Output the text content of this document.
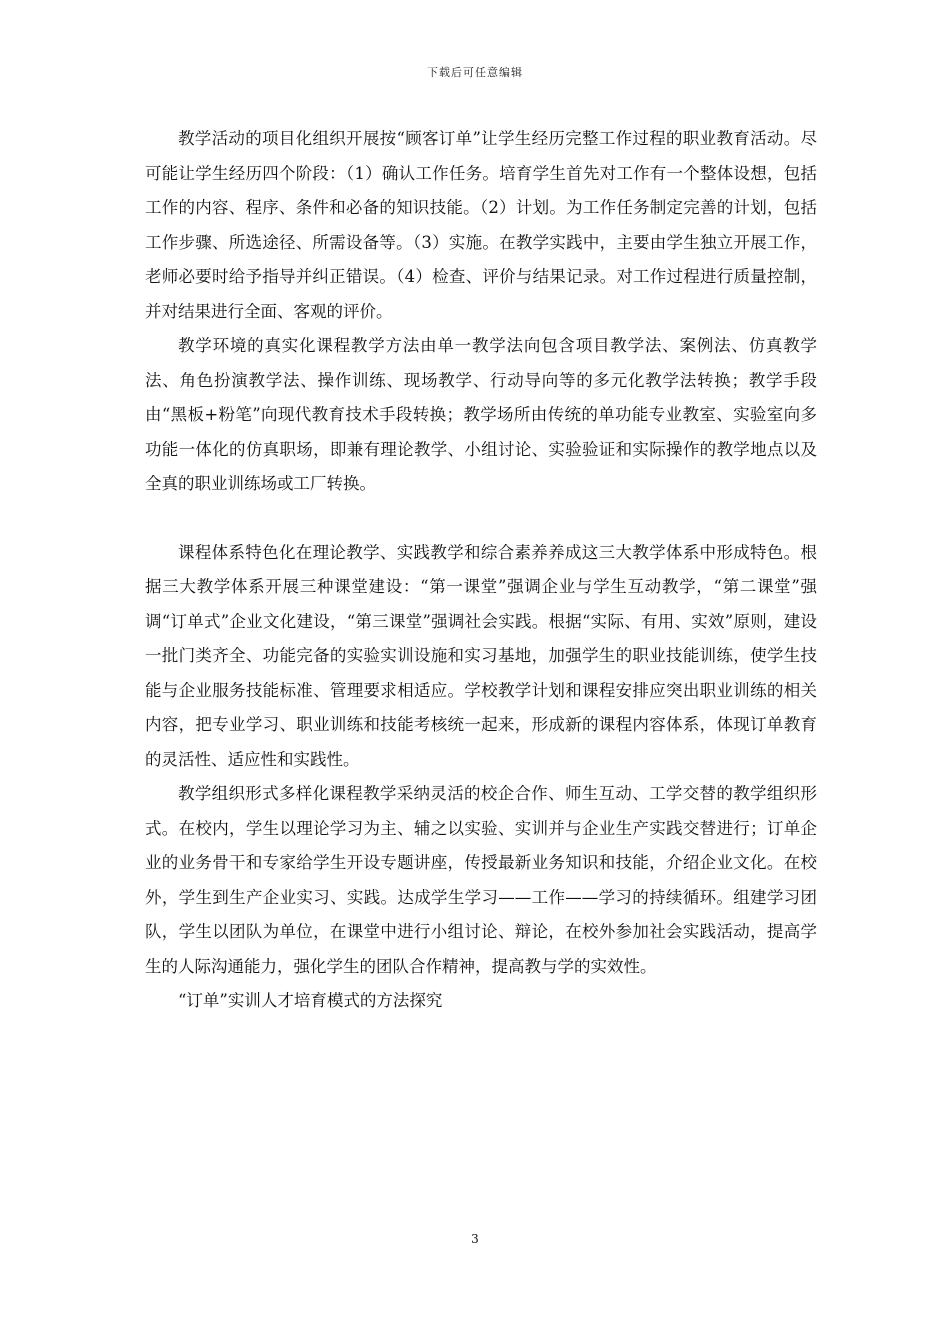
下载后可任意编辑

教学活动的项目化组织开展按“顾客订单”让学生经历完整工作过程的职业教育活动。尽可能让学生经历四个阶段：（1）确认工作任务。培育学生首先对工作有一个整体设想，包括工作的内容、程序、条件和必备的知识技能。（2）计划。为工作任务制定完善的计划，包括工作步骤、所选途径、所需设备等。（3）实施。在教学实践中，主要由学生独立开展工作，老师必要时给予指导并纠正错误。（4）检查、评价与结果记录。对工作过程进行质量控制，并对结果进行全面、客观的评价。

教学环境的真实化课程教学方法由单一教学法向包含项目教学法、案例法、仿真教学法、角色扮演教学法、操作训练、现场教学、行动导向等的多元化教学法转换；教学手段由“黑板+粉笔”向现代教育技术手段转换；教学场所由传统的单功能专业教室、实验室向多功能一体化的仿真职场，即兼有理论教学、小组讨论、实验验证和实际操作的教学地点以及全真的职业训练场或工厂转换。

课程体系特色化在理论教学、实践教学和综合素养养成这三大教学体系中形成特色。根据三大教学体系开展三种课堂建设：“第一课堂”强调企业与学生互动教学，“第二课堂”强调“订单式”企业文化建设，“第三课堂”强调社会实践。根据“实际、有用、实效”原则，建设一批门类齐全、功能完备的实验实训设施和实习基地，加强学生的职业技能训练，使学生技能与企业服务技能标准、管理要求相适应。学校教学计划和课程安排应突出职业训练的相关内容，把专业学习、职业训练和技能考核统一起来，形成新的课程内容体系，体现订单教育的灵活性、适应性和实践性。

教学组织形式多样化课程教学采纳灵活的校企合作、师生互动、工学交替的教学组织形式。在校内，学生以理论学习为主、辅之以实验、实训并与企业生产实践交替进行；订单企业的业务骨干和专家给学生开设专题讲座，传授最新业务知识和技能，介绍企业文化。在校外，学生到生产企业实习、实践。达成学生学习——工作——学习的持续循环。组建学习团队，学生以团队为单位，在课堂中进行小组讨论、辩论，在校外参加社会实践活动，提高学生的人际沟通能力，强化学生的团队合作精神，提高教与学的实效性。

“订单”实训人才培育模式的方法探究

3
